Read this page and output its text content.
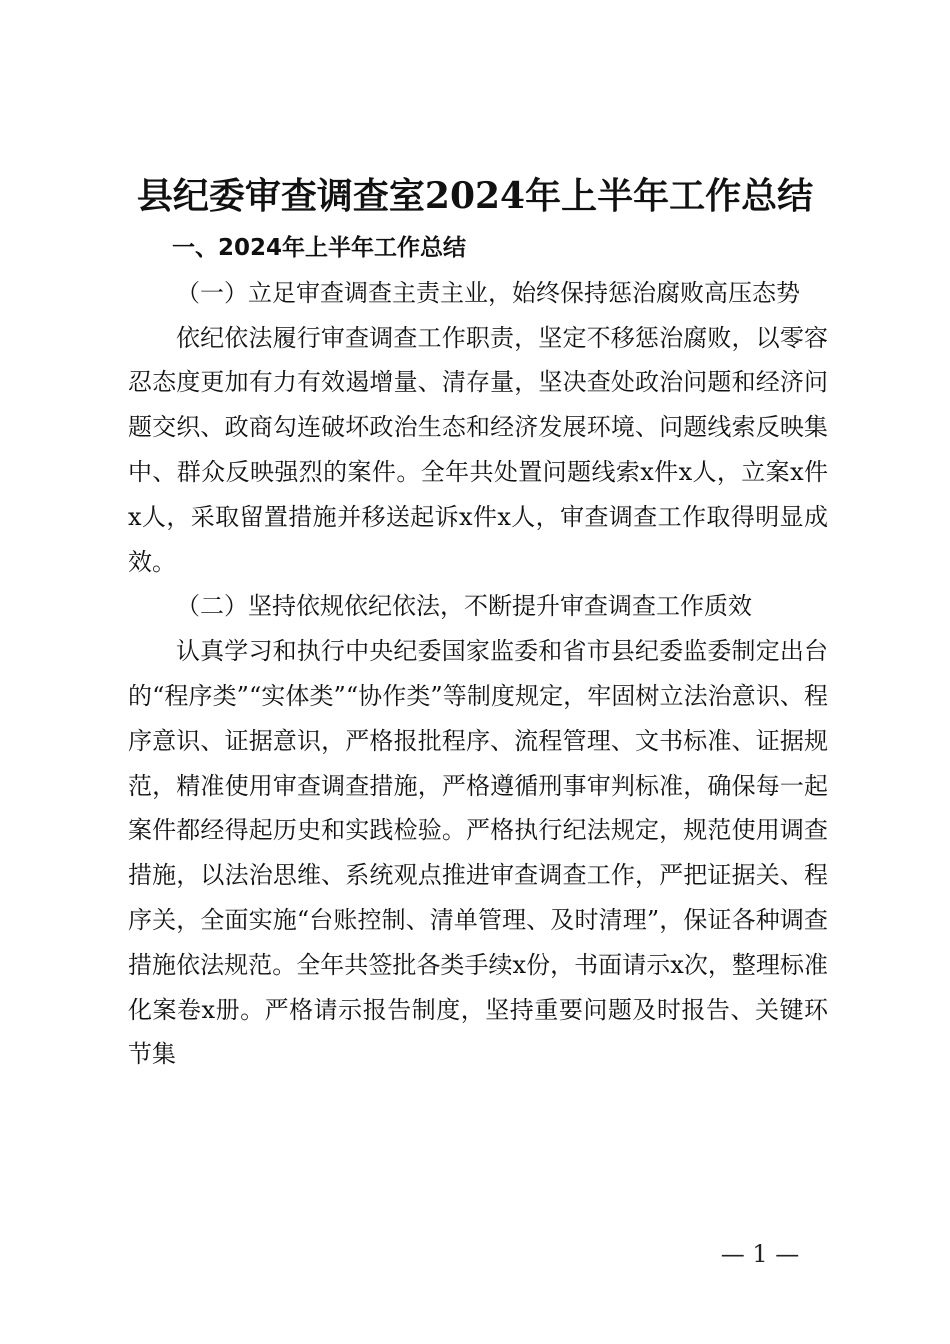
县纪委审查调查室2024年上半年工作总结

一、2024年上半年工作总结

（一）立足审查调查主责主业，始终保持惩治腐败高压态势

依纪依法履行审查调查工作职责，坚定不移惩治腐败，以零容忍态度更加有力有效遏增量、清存量，坚决查处政治问题和经济问题交织、政商勾连破坏政治生态和经济发展环境、问题线索反映集中、群众反映强烈的案件。全年共处置问题线索x件x人，立案x件x人，采取留置措施并移送起诉x件x人，审查调查工作取得明显成效。

（二）坚持依规依纪依法，不断提升审查调查工作质效

认真学习和执行中央纪委国家监委和省市县纪委监委制定出台的“程序类”“实体类”“协作类”等制度规定，牢固树立法治意识、程序意识、证据意识，严格报批程序、流程管理、文书标准、证据规范，精准使用审查调查措施，严格遵循刑事审判标准，确保每一起案件都经得起历史和实践检验。严格执行纪法规定，规范使用调查措施，以法治思维、系统观点推进审查调查工作，严把证据关、程序关，全面实施“台账控制、清单管理、及时清理”，保证各种调查措施依法规范。全年共签批各类手续x份，书面请示x次，整理标准化案卷x册。严格请示报告制度，坚持重要问题及时报告、关键环节集

— 1 —
